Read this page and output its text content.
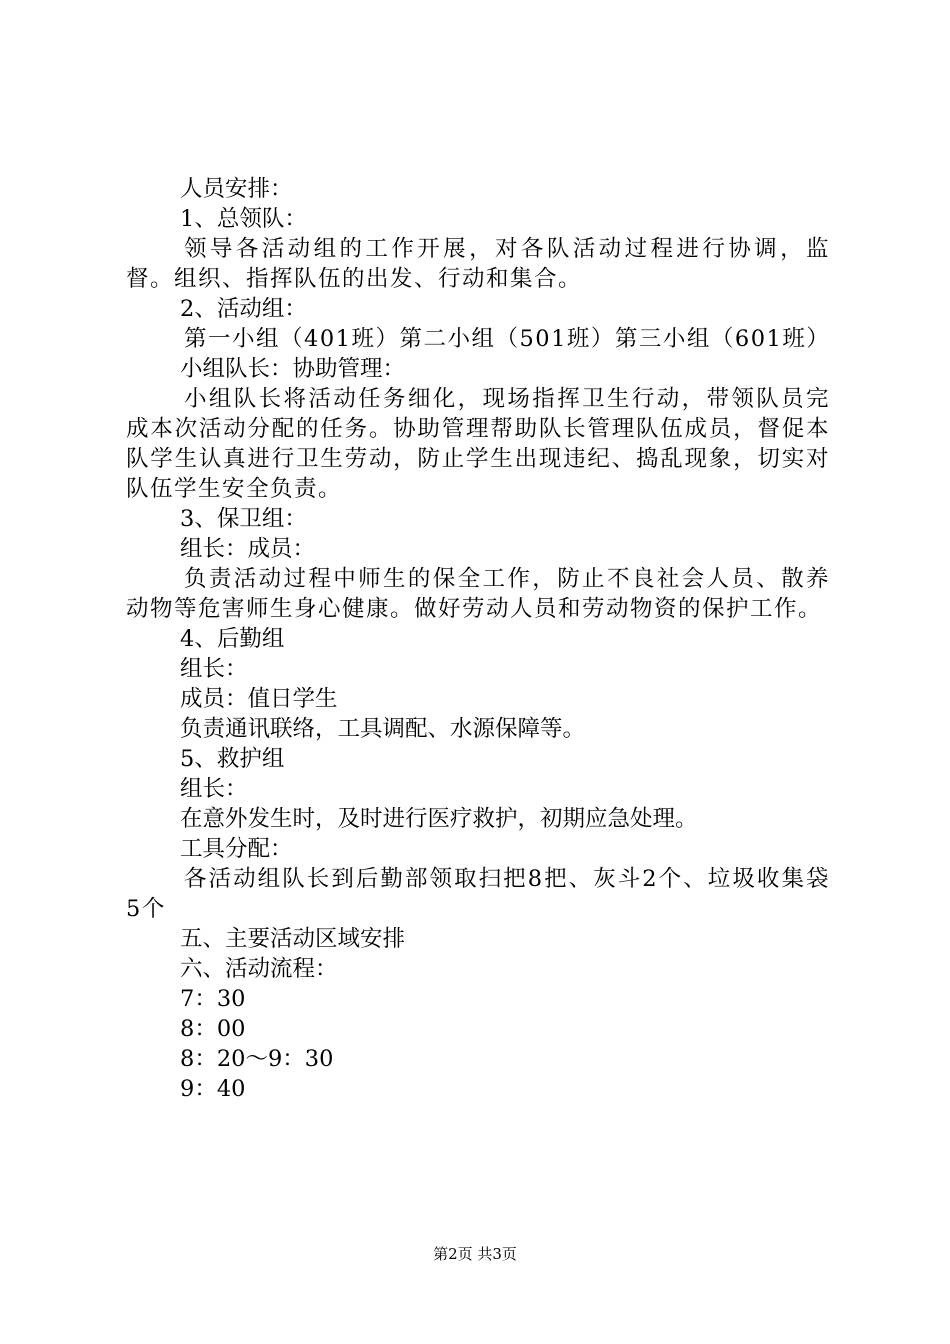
人员安排：
1、总领队：
领导各活动组的工作开展，对各队活动过程进行协调，监督。组织、指挥队伍的出发、行动和集合。
2、活动组：
第一小组（401班）第二小组（501班）第三小组（601班）
小组队长：协助管理：
小组队长将活动任务细化，现场指挥卫生行动，带领队员完成本次活动分配的任务。协助管理帮助队长管理队伍成员，督促本队学生认真进行卫生劳动，防止学生出现违纪、捣乱现象，切实对队伍学生安全负责。
3、保卫组：
组长：成员：
负责活动过程中师生的保全工作，防止不良社会人员、散养动物等危害师生身心健康。做好劳动人员和劳动物资的保护工作。
4、后勤组
组长：
成员：值日学生
负责通讯联络，工具调配、水源保障等。
5、救护组
组长：
在意外发生时，及时进行医疗救护，初期应急处理。
工具分配：
各活动组队长到后勤部领取扫把8把、灰斗2个、垃圾收集袋5个
五、主要活动区域安排
六、活动流程：
7：30
8：00
8：20～9：30
9：40
第2页 共3页
